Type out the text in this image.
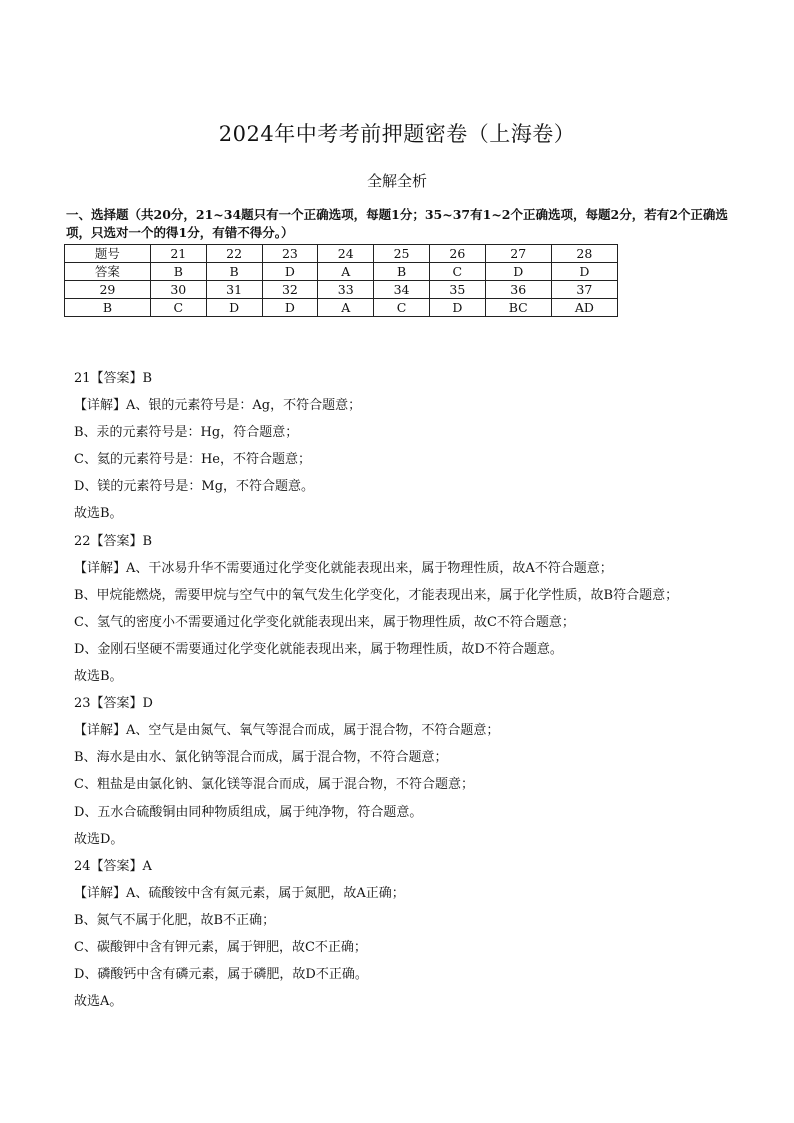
2024年中考考前押题密卷（上海卷）
全解全析
一、选择题（共20分，21~34题只有一个正确选项，每题1分；35~37有1~2个正确选项，每题2分，若有2个正确选项，只选对一个的得1分，有错不得分。）
题号	21	22	23	24	25	26	27	28
答案	B	B	D	A	B	C	D	D
29	30	31	32	33	34	35	36	37
B	C	D	D	A	C	D	BC	AD
21【答案】B
【详解】A、银的元素符号是：Ag，不符合题意；
B、汞的元素符号是：Hg，符合题意；
C、氦的元素符号是：He，不符合题意；
D、镁的元素符号是：Mg，不符合题意。
故选B。
22【答案】B
【详解】A、干冰易升华不需要通过化学变化就能表现出来，属于物理性质，故A不符合题意；
B、甲烷能燃烧，需要甲烷与空气中的氧气发生化学变化，才能表现出来，属于化学性质，故B符合题意；
C、氢气的密度小不需要通过化学变化就能表现出来，属于物理性质，故C不符合题意；
D、金刚石坚硬不需要通过化学变化就能表现出来，属于物理性质，故D不符合题意。
故选B。
23【答案】D
【详解】A、空气是由氮气、氧气等混合而成，属于混合物，不符合题意；
B、海水是由水、氯化钠等混合而成，属于混合物，不符合题意；
C、粗盐是由氯化钠、氯化镁等混合而成，属于混合物，不符合题意；
D、五水合硫酸铜由同种物质组成，属于纯净物，符合题意。
故选D。
24【答案】A
【详解】A、硫酸铵中含有氮元素，属于氮肥，故A正确；
B、氮气不属于化肥，故B不正确；
C、碳酸钾中含有钾元素，属于钾肥，故C不正确；
D、磷酸钙中含有磷元素，属于磷肥，故D不正确。
故选A。
